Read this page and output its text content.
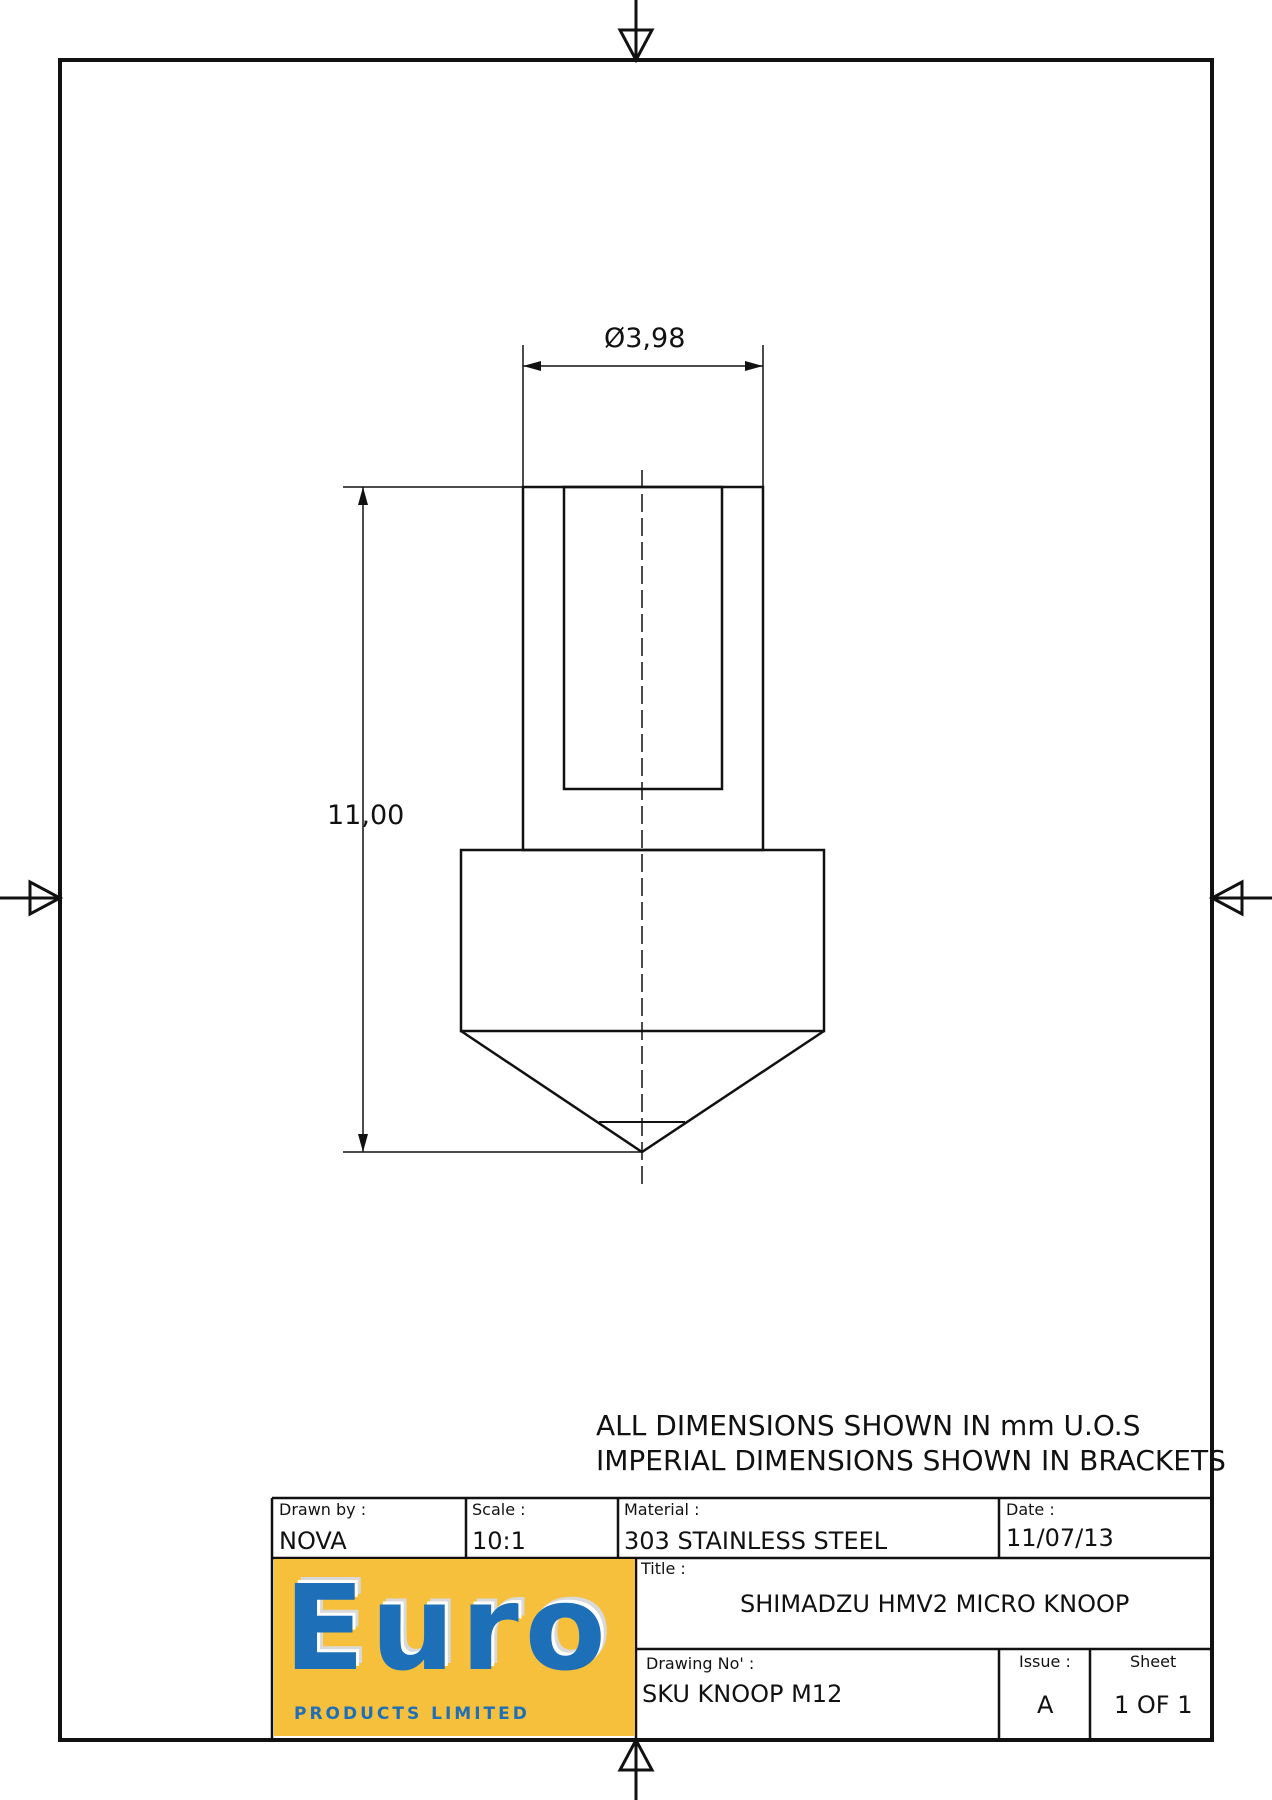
Ø3,98
11,00
ALL DIMENSIONS SHOWN IN mm U.O.S
IMPERIAL DIMENSIONS SHOWN IN BRACKETS
Drawn by :
NOVA
Scale :
10:1
Material :
303 STAINLESS STEEL
Date :
11/07/13
Title :
SHIMADZU HMV2 MICRO KNOOP
Drawing No' :
SKU KNOOP M12
Issue :
A
Sheet
1 OF 1
Euro
PRODUCTS LIMITED
